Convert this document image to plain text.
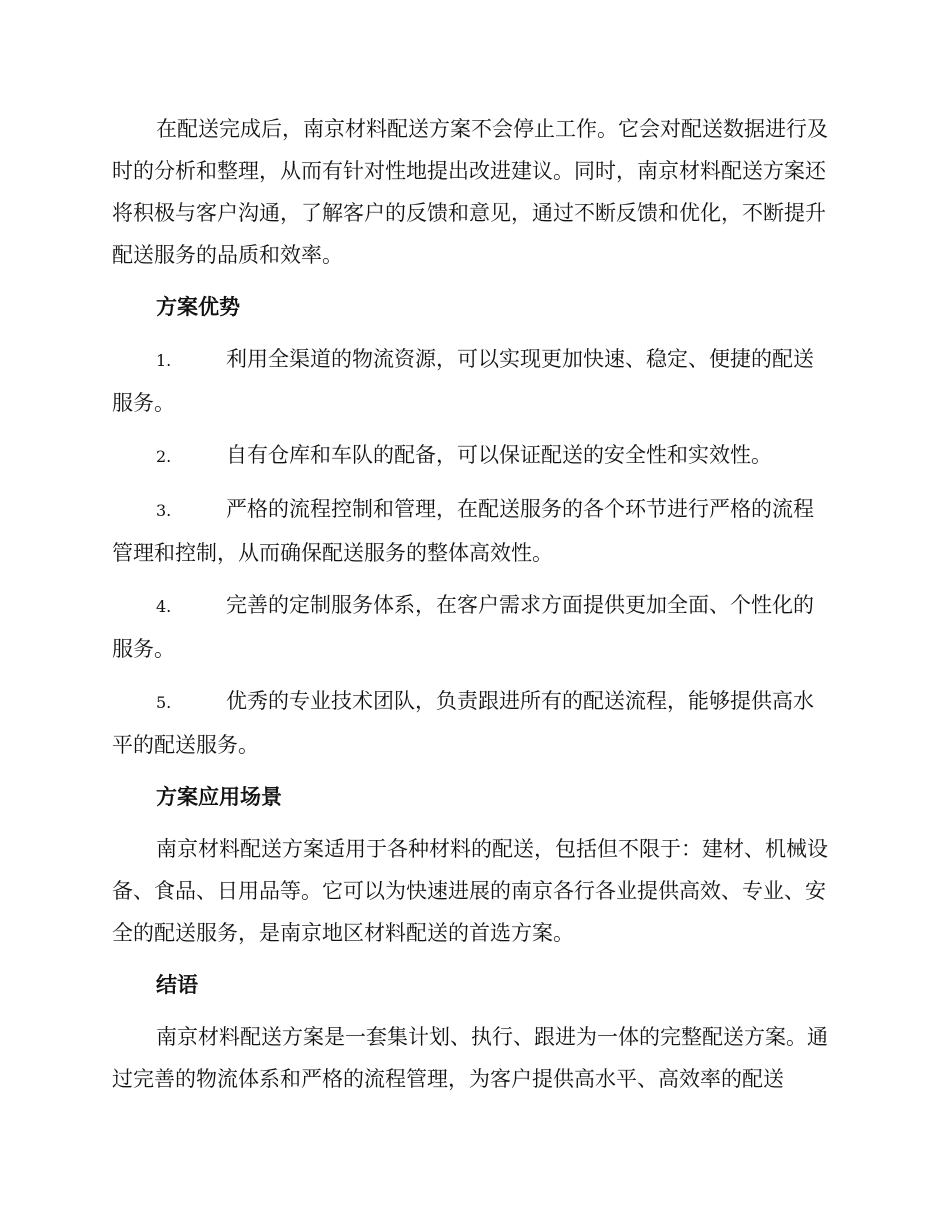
在配送完成后，南京材料配送方案不会停止工作。它会对配送数据进行及时的分析和整理，从而有针对性地提出改进建议。同时，南京材料配送方案还将积极与客户沟通，了解客户的反馈和意见，通过不断反馈和优化，不断提升配送服务的品质和效率。

方案优势

1.	利用全渠道的物流资源，可以实现更加快速、稳定、便捷的配送服务。

2.	自有仓库和车队的配备，可以保证配送的安全性和实效性。

3.	严格的流程控制和管理，在配送服务的各个环节进行严格的流程管理和控制，从而确保配送服务的整体高效性。

4.	完善的定制服务体系，在客户需求方面提供更加全面、个性化的服务。

5.	优秀的专业技术团队，负责跟进所有的配送流程，能够提供高水平的配送服务。

方案应用场景

南京材料配送方案适用于各种材料的配送，包括但不限于：建材、机械设备、食品、日用品等。它可以为快速进展的南京各行各业提供高效、专业、安全的配送服务，是南京地区材料配送的首选方案。

结语

南京材料配送方案是一套集计划、执行、跟进为一体的完整配送方案。通过完善的物流体系和严格的流程管理，为客户提供高水平、高效率的配送
